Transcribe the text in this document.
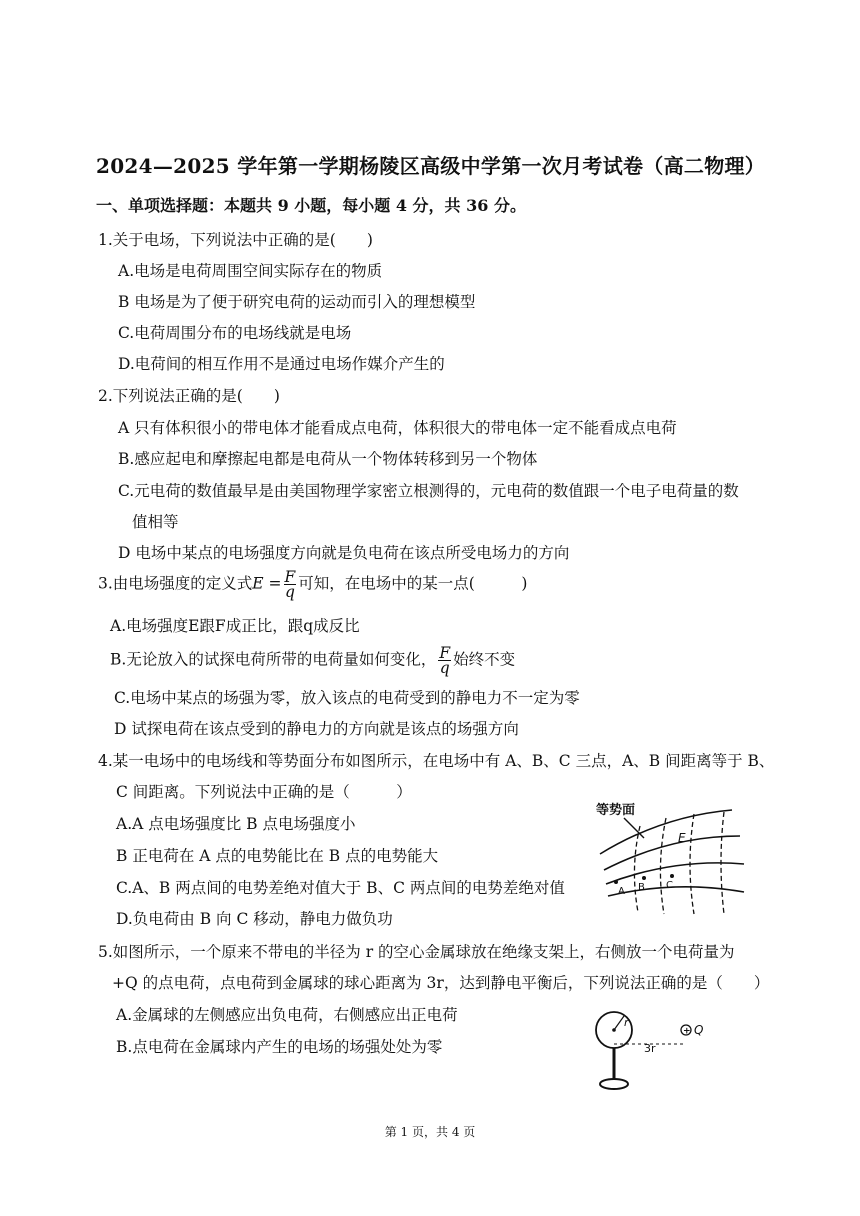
2024—2025 学年第一学期杨陵区高级中学第一次月考试卷（高二物理）
一、单项选择题：本题共 9 小题，每小题 4 分，共 36 分。
1.关于电场，下列说法中正确的是(　　)
A.电场是电荷周围空间实际存在的物质
B 电场是为了便于研究电荷的运动而引入的理想模型
C.电荷周围分布的电场线就是电场
D.电荷间的相互作用不是通过电场作媒介产生的
2.下列说法正确的是(　　)
A 只有体积很小的带电体才能看成点电荷，体积很大的带电体一定不能看成点电荷
B.感应起电和摩擦起电都是电荷从一个物体转移到另一个物体
C.元电荷的数值最早是由美国物理学家密立根测得的，元电荷的数值跟一个电子电荷量的数
值相等
D 电场中某点的电场强度方向就是负电荷在该点所受电场力的方向
3.由电场强度的定义式$E = \frac{F}{q}$ 可知，在电场中的某一点(　　　)
A.电场强度E跟F成正比，跟q成反比
B.无论放入的试探电荷所带的电荷量如何变化， $\frac{F}{q}$ 始终不变
C.电场中某点的场强为零，放入该点的电荷受到的静电力不一定为零
D 试探电荷在该点受到的静电力的方向就是该点的场强方向
4.某一电场中的电场线和等势面分布如图所示，在电场中有 A、B、C 三点，A、B 间距离等于 B、
C 间距离。下列说法中正确的是（　　　）
A.A 点电场强度比 B 点电场强度小
B 正电荷在 A 点的电势能比在 B 点的电势能大
C.A、B 两点间的电势差绝对值大于 B、C 两点间的电势差绝对值
D.负电荷由 B 向 C 移动，静电力做负功
等势面
E
A B C
5.如图所示，一个原来不带电的半径为 r 的空心金属球放在绝缘支架上，右侧放一个电荷量为
+Q 的点电荷，点电荷到金属球的球心距离为 3r，达到静电平衡后，下列说法正确的是（　　）
A.金属球的左侧感应出负电荷，右侧感应出正电荷
B.点电荷在金属球内产生的电场的场强处处为零
r
3r
+ Q
第 1 页，共 4 页
